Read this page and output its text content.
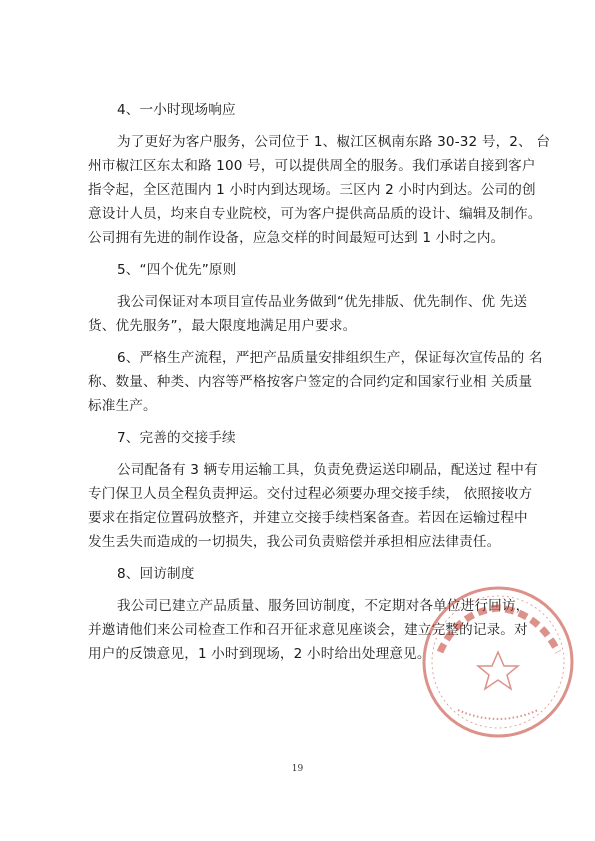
4、一小时现场响应
为了更好为客户服务，公司位于 1、椒江区枫南东路 30-32 号，2、 台
州市椒江区东太和路 100 号，可以提供周全的服务。我们承诺自接到客户
指令起，全区范围内 1 小时内到达现场。三区内 2 小时内到达。公司的创
意设计人员，均来自专业院校，可为客户提供高品质的设计、编辑及制作。
公司拥有先进的制作设备，应急交样的时间最短可达到 1 小时之内。
5、“四个优先”原则
我公司保证对本项目宣传品业务做到“优先排版、优先制作、优 先送
货、优先服务”，最大限度地满足用户要求。
6、严格生产流程，严把产品质量安排组织生产，保证每次宣传品的 名
称、数量、种类、内容等严格按客户签定的合同约定和国家行业相 关质量
标准生产。
7、完善的交接手续
公司配备有 3 辆专用运输工具，负责免费运送印刷品，配送过 程中有
专门保卫人员全程负责押运。交付过程必须要办理交接手续， 依照接收方
要求在指定位置码放整齐，并建立交接手续档案备查。若因在运输过程中
发生丢失而造成的一切损失，我公司负责赔偿并承担相应法律责任。
8、回访制度
我公司已建立产品质量、服务回访制度，不定期对各单位进行回访，
并邀请他们来公司检查工作和召开征求意见座谈会，建立完整的记录。对
用户的反馈意见，1 小时到现场，2 小时给出处理意见。
19
